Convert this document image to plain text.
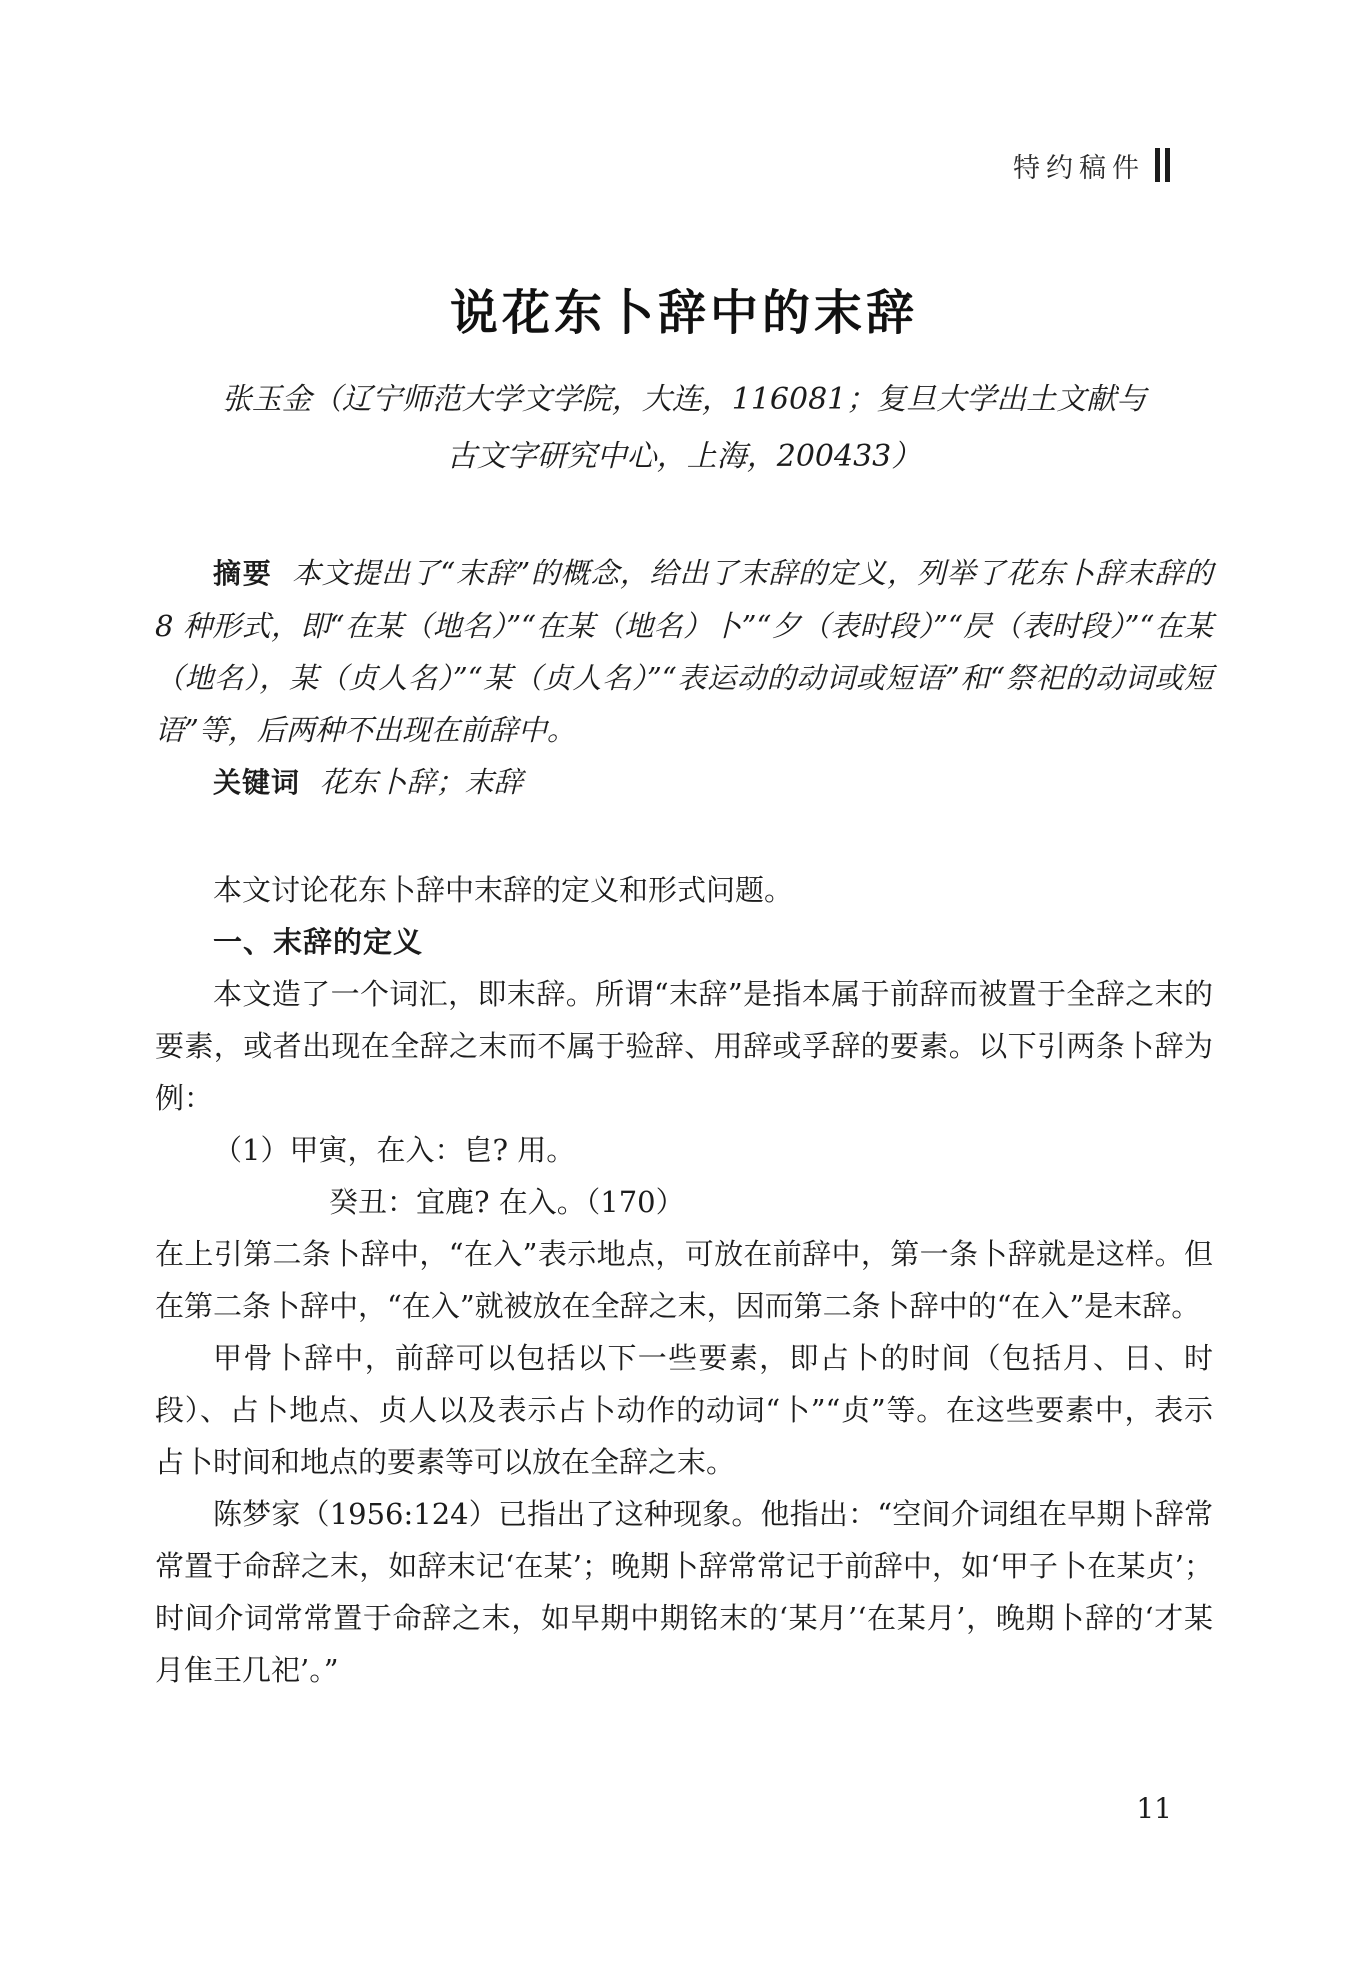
特约稿件
说花东卜辞中的末辞
张玉金（辽宁师范大学文学院，大连，116081；复旦大学出土文献与
古文字研究中心，上海，200433）

摘要 本文提出了“末辞”的概念，给出了末辞的定义，列举了花东卜辞末辞的 8 种形式，即“在某（地名）”“在某（地名）卜”“夕（表时段）”“昃（表时段）”“在某（地名），某（贞人名）”“某（贞人名）”“表运动的动词或短语”和“祭祀的动词或短语”等，后两种不出现在前辞中。

关键词 花东卜辞；末辞

本文讨论花东卜辞中末辞的定义和形式问题。

一、末辞的定义

本文造了一个词汇，即末辞。所谓“末辞”是指本属于前辞而被置于全辞之末的要素，或者出现在全辞之末而不属于验辞、用辞或孚辞的要素。以下引两条卜辞为例：

（1）甲寅，在入：皀? 用。

癸丑：宜鹿? 在入。（170）

在上引第二条卜辞中，“在入”表示地点，可放在前辞中，第一条卜辞就是这样。但在第二条卜辞中，“在入”就被放在全辞之末，因而第二条卜辞中的“在入”是末辞。

甲骨卜辞中，前辞可以包括以下一些要素，即占卜的时间（包括月、日、时段）、占卜地点、贞人以及表示占卜动作的动词“卜”“贞”等。在这些要素中，表示占卜时间和地点的要素等可以放在全辞之末。

陈梦家（1956:124）已指出了这种现象。他指出：“空间介词组在早期卜辞常常置于命辞之末，如辞末记‘在某’；晚期卜辞常常记于前辞中，如‘甲子卜在某贞’；时间介词常常置于命辞之末，如早期中期铭末的‘某月’‘在某月’，晚期卜辞的‘才某月隹王几祀’。”

11
